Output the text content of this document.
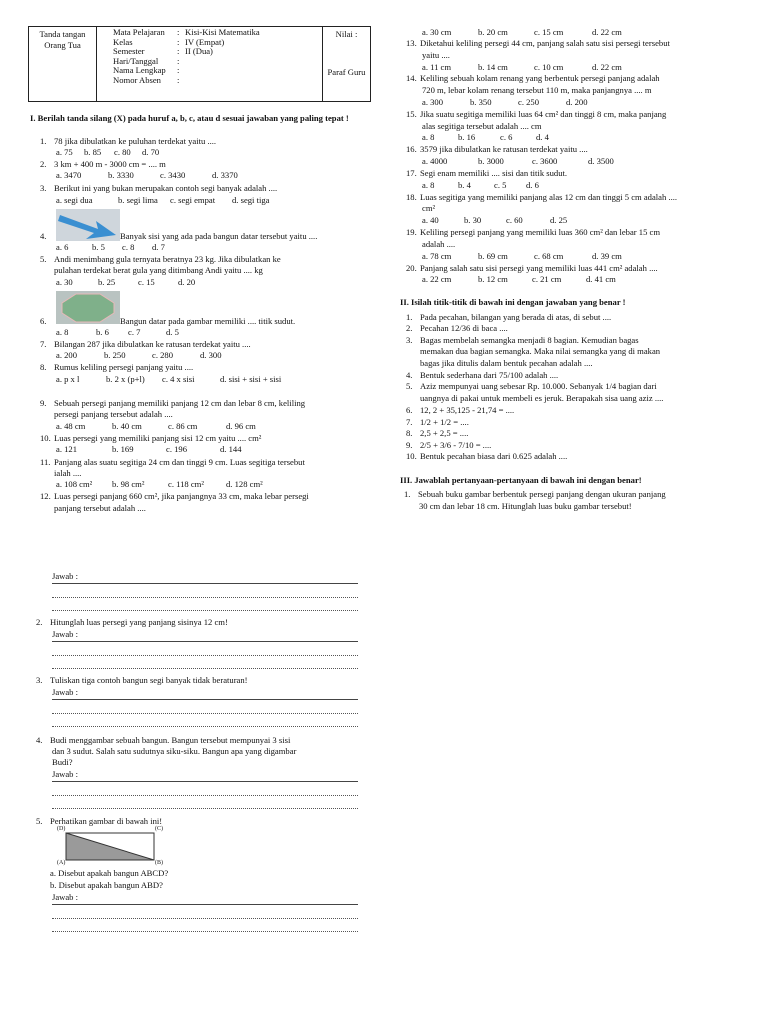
Tanda tangan Orang Tua
Mata Pelajaran	: Kisi-Kisi Matematika
Kelas	: IV (Empat)
Semester	: II (Dua)
Hari/Tanggal	:
Nama Lengkap	:
Nomor Absen	:
Nilai :
Paraf Guru
I. Berilah tanda silang (X) pada huruf a, b, c, atau d sesuai jawaban yang paling tepat !
1. 78 jika dibulatkan ke puluhan terdekat yaitu ....
a. 75	b. 85	c. 80	d. 70
2. 3 km + 400 m - 3000 cm = .... m
a. 3470	b. 3330	c. 3430	d. 3370
3. Berikut ini yang bukan merupakan contoh segi banyak adalah ....
a. segi dua	b. segi lima	c. segi empat	d. segi tiga
4.	Banyak sisi yang ada pada bangun datar tersebut yaitu ....
a. 6	b. 5	c. 8	d. 7
5. Andi menimbang gula ternyata beratnya 23 kg. Jika dibulatkan ke
pulahan terdekat berat gula yang ditimbang Andi yaitu .... kg
a. 30	b. 25	c. 15	d. 20
6.	Bangun datar pada gambar memiliki .... titik sudut.
a. 8	b. 6	c. 7	d. 5
7. Bilangan 287 jika dibulatkan ke ratusan terdekat yaitu ....
a. 200	b. 250	c. 280	d. 300
8. Rumus keliling persegi panjang yaitu ....
a. p x l	b. 2 x (p+l)	c. 4 x sisi	d. sisi + sisi + sisi
9. Sebuah persegi panjang memiliki panjang 12 cm dan lebar 8 cm, keliling
persegi panjang tersebut adalah ....
a. 48 cm	b. 40 cm	c. 86 cm	d. 96 cm
10. Luas persegi yang memiliki panjang sisi 12 cm yaitu .... cm²
a. 121	b. 169	c. 196	d. 144
11. Panjang alas suatu segitiga 24 cm dan tinggi 9 cm. Luas segitiga tersebut
ialah ....
a. 108 cm²	b. 98 cm²	c. 118 cm²	d. 128 cm²
12. Luas persegi panjang 660 cm², jika panjangnya 33 cm, maka lebar persegi
panjang tersebut adalah ....
a. 30 cm	b. 20 cm	c. 15 cm	d. 22 cm
13. Diketahui keliling persegi 44 cm, panjang salah satu sisi persegi tersebut
yaitu ....
a. 11 cm	b. 14 cm	c. 10 cm	d. 22 cm
14. Keliling sebuah kolam renang yang berbentuk persegi panjang adalah
720 m, lebar kolam renang tersebut 110 m, maka panjangnya .... m
a. 300	b. 350	c. 250	d. 200
15. Jika suatu segitiga memiliki luas 64 cm² dan tinggi 8 cm, maka panjang
alas segitiga tersebut adalah .... cm
a. 8	b. 16	c. 6	d. 4
16. 3579 jika dibulatkan ke ratusan terdekat yaitu ....
a. 4000	b. 3000	c. 3600	d. 3500
17. Segi enam memiliki .... sisi dan titik sudut.
a. 8	b. 4	c. 5	d. 6
18. Luas segitiga yang memiliki panjang alas 12 cm dan tinggi 5 cm adalah ....
cm²
a. 40	b. 30	c. 60	d. 25
19. Keliling persegi panjang yang memiliki luas 360 cm² dan lebar 15 cm
adalah ....
a. 78 cm	b. 69 cm	c. 68 cm	d. 39 cm
20. Panjang salah satu sisi persegi yang memiliki luas 441 cm² adalah ....
a. 22 cm	b. 12 cm	c. 21 cm	d. 41 cm
II. Isilah titik-titik di bawah ini dengan jawaban yang benar !
1. Pada pecahan, bilangan yang berada di atas, di sebut ....
2. Pecahan 12/36 di baca ....
3. Bagas membelah semangka menjadi 8 bagian. Kemudian bagas
memakan dua bagian semangka. Maka nilai semangka yang di makan
bagas jika ditulis dalam bentuk pecahan adalah ....
4. Bentuk sederhana dari 75/100 adalah ....
5. Aziz mempunyai uang sebesar Rp. 10.000. Sebanyak 1/4 bagian dari
uangnya di pakai untuk membeli es jeruk. Berapakah sisa uang aziz ....
6. 12, 2 + 35,125 - 21,74 = ....
7. 1/2 + 1/2 = ....
8. 2,5 + 2,5 = ....
9. 2/5 + 3/6 - 7/10 = ....
10. Bentuk pecahan biasa dari 0.625 adalah ....
III. Jawablah pertanyaan-pertanyaan di bawah ini dengan benar!
1. Sebuah buku gambar berbentuk persegi panjang dengan ukuran panjang
30 cm dan lebar 18 cm. Hitunglah luas buku gambar tersebut!
Jawab :
2. Hitunglah luas persegi yang panjang sisinya 12 cm!
Jawab :
3. Tuliskan tiga contoh bangun segi banyak tidak beraturan!
Jawab :
4. Budi menggambar sebuah bangun. Bangun tersebut mempunyai 3 sisi
dan 3 sudut. Salah satu sudutnya siku-siku. Bangun apa yang digambar
Budi?
Jawab :
5. Perhatikan gambar di bawah ini!
(D)	(C)
(A)	(B)
a. Disebut apakah bangun ABCD?
b. Disebut apakah bangun ABD?
Jawab :
